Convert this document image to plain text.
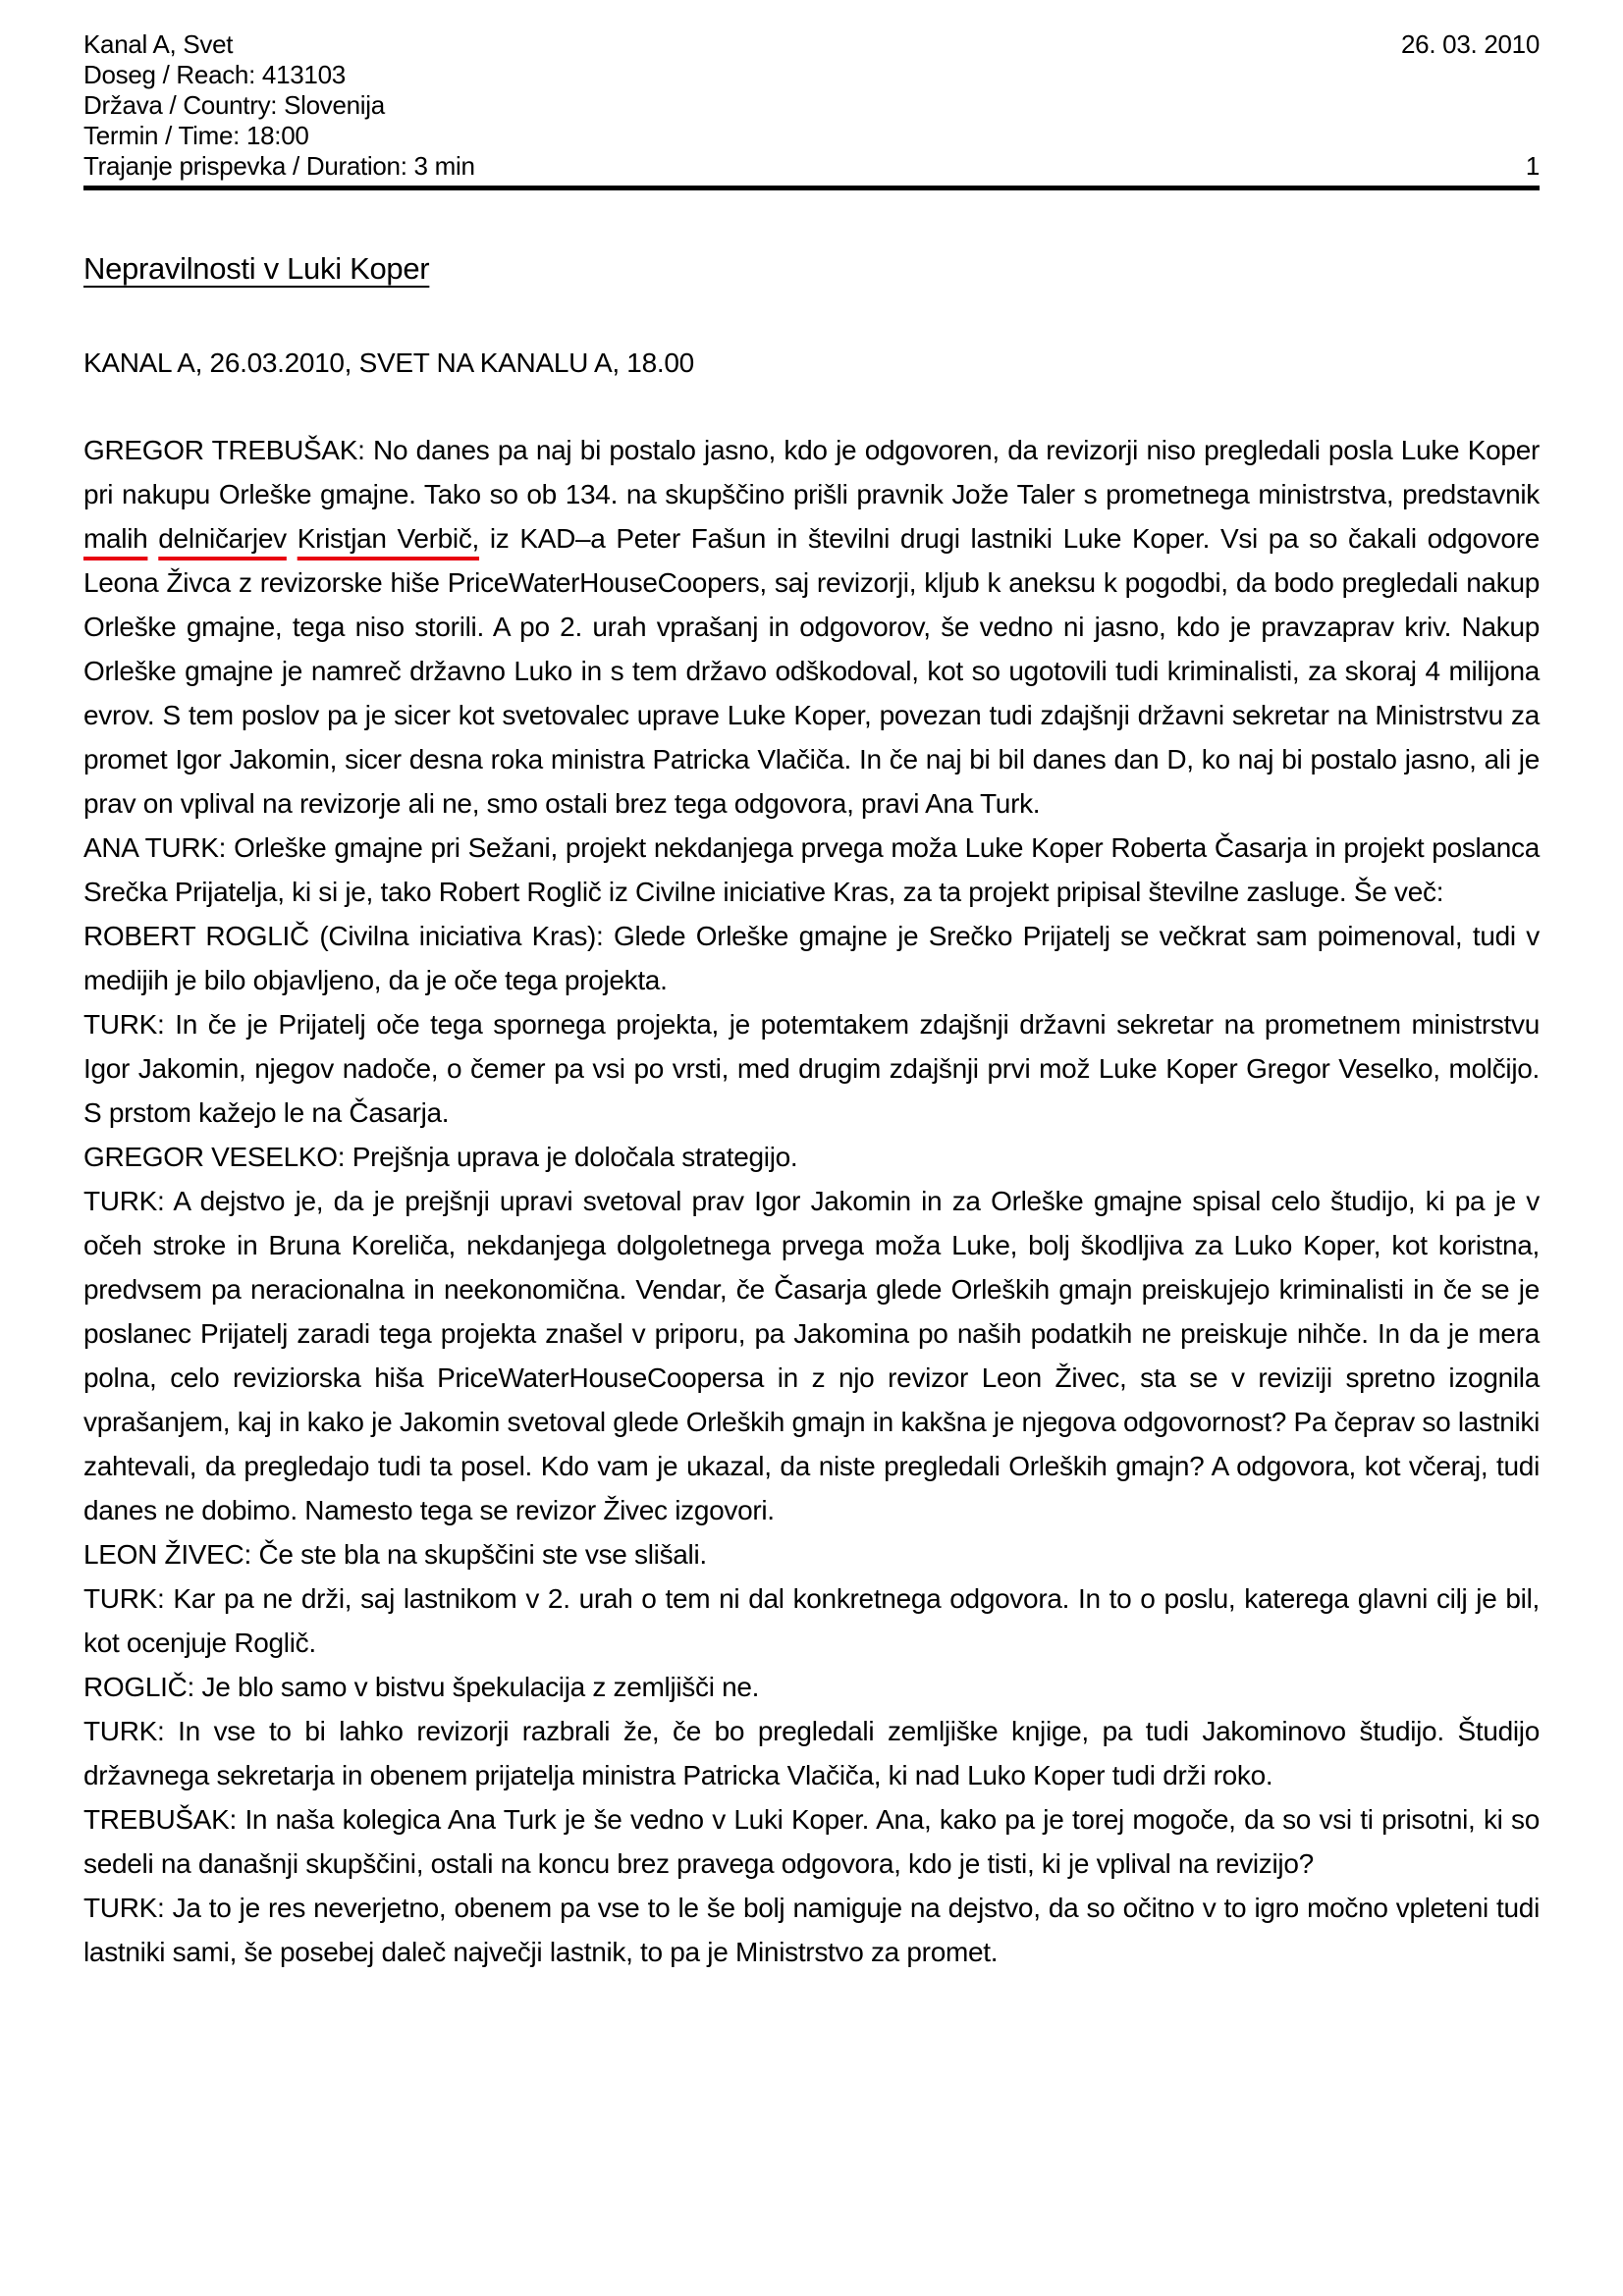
Kanal A, Svet	26. 03. 2010
Doseg / Reach: 413103
Država / Country: Slovenija
Termin / Time: 18:00
Trajanje prispevka / Duration: 3 min	1
Nepravilnosti v Luki Koper
KANAL A, 26.03.2010, SVET NA KANALU A, 18.00

GREGOR TREBUŠAK: No danes pa naj bi postalo jasno, kdo je odgovoren, da revizorji niso pregledali posla Luke Koper pri nakupu Orleške gmajne. Tako so ob 134. na skupščino prišli pravnik Jože Taler s prometnega ministrstva, predstavnik malih delničarjev Kristjan Verbič, iz KAD–a Peter Fašun in številni drugi lastniki Luke Koper. Vsi pa so čakali odgovore Leona Živca z revizorske hiše PriceWaterHouseCoopers, saj revizorji, kljub k aneksu k pogodbi, da bodo pregledali nakup Orleške gmajne, tega niso storili. A po 2. urah vprašanj in odgovorov, še vedno ni jasno, kdo je pravzaprav kriv. Nakup Orleške gmajne je namreč državno Luko in s tem državo odškodoval, kot so ugotovili tudi kriminalisti, za skoraj 4 milijona evrov. S tem poslov pa je sicer kot svetovalec uprave Luke Koper, povezan tudi zdajšnji državni sekretar na Ministrstvu za promet Igor Jakomin, sicer desna roka ministra Patricka Vlačiča. In če naj bi bil danes dan D, ko naj bi postalo jasno, ali je prav on vplival na revizorje ali ne, smo ostali brez tega odgovora, pravi Ana Turk.

ANA TURK: Orleške gmajne pri Sežani, projekt nekdanjega prvega moža Luke Koper Roberta Časarja in projekt poslanca Srečka Prijatelja, ki si je, tako Robert Roglič iz Civilne iniciative Kras, za ta projekt pripisal številne zasluge. Še več:

ROBERT ROGLIČ (Civilna iniciativa Kras): Glede Orleške gmajne je Srečko Prijatelj se večkrat sam poimenoval, tudi v medijih je bilo objavljeno, da je oče tega projekta.

TURK: In če je Prijatelj oče tega spornega projekta, je potemtakem zdajšnji državni sekretar na prometnem ministrstvu Igor Jakomin, njegov nadoče, o čemer pa vsi po vrsti, med drugim zdajšnji prvi mož Luke Koper Gregor Veselko, molčijo. S prstom kažejo le na Časarja.

GREGOR VESELKO: Prejšnja uprava je določala strategijo.

TURK: A dejstvo je, da je prejšnji upravi svetoval prav Igor Jakomin in za Orleške gmajne spisal celo študijo, ki pa je v očeh stroke in Bruna Koreliča, nekdanjega dolgoletnega prvega moža Luke, bolj škodljiva za Luko Koper, kot koristna, predvsem pa neracionalna in neekonomična. Vendar, če Časarja glede Orleških gmajn preiskujejo kriminalisti in če se je poslanec Prijatelj zaradi tega projekta znašel v priporu, pa Jakomina po naših podatkih ne preiskuje nihče. In da je mera polna, celo reviziorska hiša PriceWaterHouseCoopersa in z njo revizor Leon Živec, sta se v reviziji spretno izognila vprašanjem, kaj in kako je Jakomin svetoval glede Orleških gmajn in kakšna je njegova odgovornost? Pa čeprav so lastniki zahtevali, da pregledajo tudi ta posel. Kdo vam je ukazal, da niste pregledali Orleških gmajn? A odgovora, kot včeraj, tudi danes ne dobimo. Namesto tega se revizor Živec izgovori.

LEON ŽIVEC: Če ste bla na skupščini ste vse slišali.

TURK: Kar pa ne drži, saj lastnikom v 2. urah o tem ni dal konkretnega odgovora. In to o poslu, katerega glavni cilj je bil, kot ocenjuje Roglič.

ROGLIČ: Je blo samo v bistvu špekulacija z zemljišči ne.

TURK: In vse to bi lahko revizorji razbrali že, če bo pregledali zemljiške knjige, pa tudi Jakominovo študijo. Študijo državnega sekretarja in obenem prijatelja ministra Patricka Vlačiča, ki nad Luko Koper tudi drži roko.

TREBUŠAK: In naša kolegica Ana Turk je še vedno v Luki Koper. Ana, kako pa je torej mogoče, da so vsi ti prisotni, ki so sedeli na današnji skupščini, ostali na koncu brez pravega odgovora, kdo je tisti, ki je vplival na revizijo?

TURK: Ja to je res neverjetno, obenem pa vse to le še bolj namiguje na dejstvo, da so očitno v to igro močno vpleteni tudi lastniki sami, še posebej daleč največji lastnik, to pa je Ministrstvo za promet.
